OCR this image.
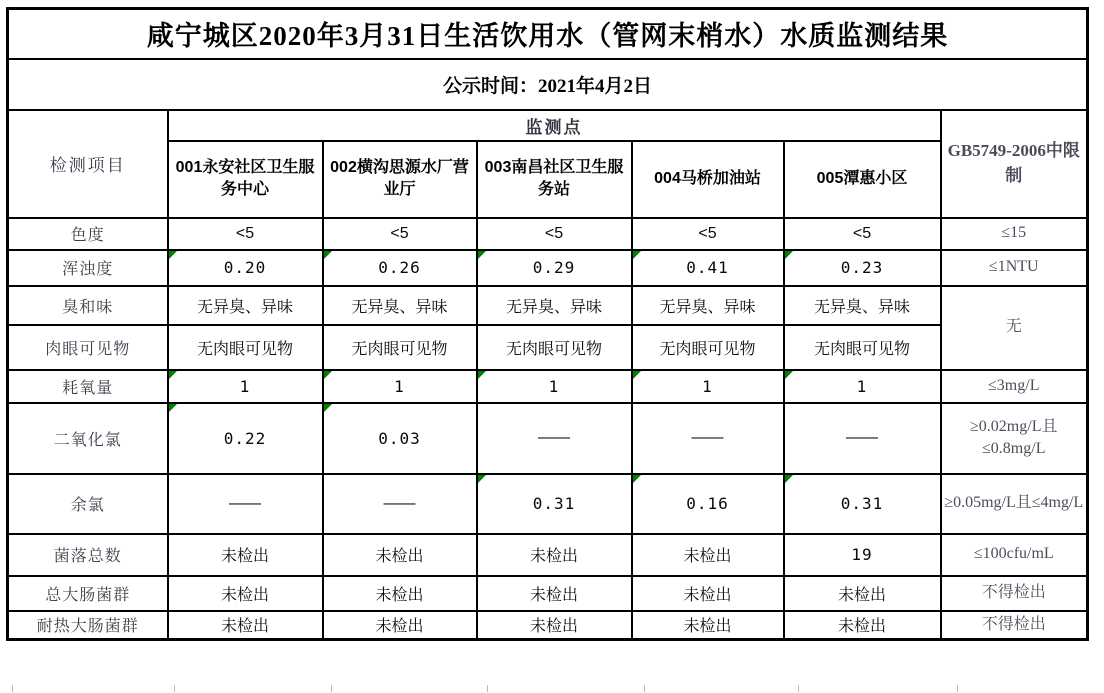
咸宁城区2020年3月31日生活饮用水（管网末梢水）水质监测结果						
公示时间：2021年4月2日						
检测项目	监测点					GB5749-2006中限制
	001永安社区卫生服务中心	002横沟思源水厂营业厅	003南昌社区卫生服务站	004马桥加油站	005潭惠小区	
色度	<5	<5	<5	<5	<5	≤15
浑浊度	0.20	0.26	0.29	0.41	0.23	≤1NTU
臭和味	无异臭、异味	无异臭、异味	无异臭、异味	无异臭、异味	无异臭、异味	无
肉眼可见物	无肉眼可见物	无肉眼可见物	无肉眼可见物	无肉眼可见物	无肉眼可见物	
耗氧量	1	1	1	1	1	≤3mg/L
二氧化氯	0.22	0.03	——	——	——	≥0.02mg/L且≤0.8mg/L
余氯	——	——	0.31	0.16	0.31	≥0.05mg/L且≤4mg/L
菌落总数	未检出	未检出	未检出	未检出	19	≤100cfu/mL
总大肠菌群	未检出	未检出	未检出	未检出	未检出	不得检出
耐热大肠菌群	未检出	未检出	未检出	未检出	未检出	不得检出
